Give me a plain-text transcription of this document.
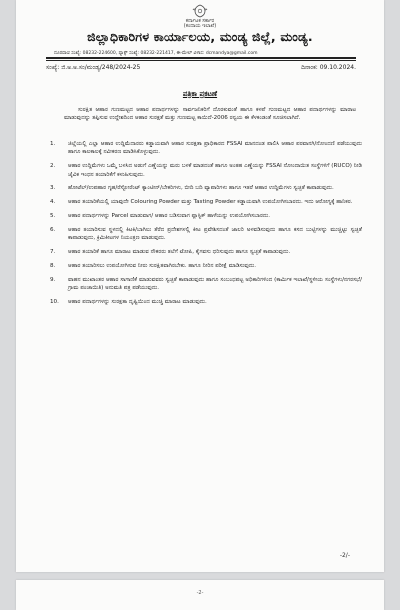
ಕರ್ನಾಟಕ ಸರ್ಕಾರ
(ಕಂದಾಯ ಇಲಾಖೆ)
ಜಿಲ್ಲಾಧಿಕಾರಿಗಳ ಕಾರ್ಯಾಲಯ, ಮಂಡ್ಯ ಜಿಲ್ಲೆ, ಮಂಡ್ಯ.
ದೂರವಾಣಿ ಸಂಖ್ಯೆ: 08232-224600, ಫ್ಯಾಕ್ಸ್ ಸಂಖ್ಯೆ: 08232-221417, ಈ-ಮೇಲ್ ವಿಳಾಸ: dcmandya@gmail.com
ಸಂಖ್ಯೆ: ಜಿ.ಅ.ಅ.ಸಂ/ಮಂಡ್ಯ/248/2024-25	ದಿನಾಂಕ: 09.10.2024.
ಪತ್ರಿಕಾ ಪ್ರಕಟಣೆ
ಸುರಕ್ಷಿತ ಆಹಾರ ಗುಣಮಟ್ಟದ ಆಹಾರ ಪದಾರ್ಥಗಳನ್ನು ಸಾರ್ವಜನಿಕರಿಗೆ ದೊರಕುವಂತೆ ಹಾಗೂ ಕಳಪೆ ಗುಣಮಟ್ಟದ ಆಹಾರ ಪದಾರ್ಥಗಳನ್ನು ಮಾರಾಟ ಮಾಡುವುದನ್ನು ತಪ್ಪಿಸುವ ಉದ್ದೇಶದಿಂದ ಆಹಾರ ಸುರಕ್ಷತೆ ಮತ್ತು ಗುಣಮಟ್ಟ ಕಾಯಿದೆ-2006 ರನ್ವಯ ಈ ಕೆಳಕಂಡಂತೆ ಸೂಚಿಸಲಾಗಿದೆ.
1. ಜಿಲ್ಲೆಯಲ್ಲಿ ಎಲ್ಲಾ ಆಹಾರ ಉದ್ದಿಮೆದಾರರು ಕಡ್ಡಾಯವಾಗಿ ಆಹಾರ ಸುರಕ್ಷತಾ ಪ್ರಾಧಿಕಾರದ FSSAI ಮಾನದಂಡ ಪಾಲಿಸಿ ಆಹಾರ ಪರವಾನಗಿ/ನೋಂದಣಿ ಪಡೆಯುವುದು ಹಾಗೂ ಕಾಲಕಾಲಕ್ಕೆ ನವೀಕರಣ ಮಾಡಿಸಿಕೊಳ್ಳುವುದು.
2. ಆಹಾರ ಉದ್ದಿಮೆಗಳು ಒಮ್ಮೆ ಬಳಸಿದ ಅಡುಗೆ ಎಣ್ಣೆಯನ್ನು ಮರು ಬಳಕೆ ಮಾಡದಂತೆ ಹಾಗೂ ಅಂತಹ ಎಣ್ಣೆಯನ್ನು FSSAI ನೋಂದಾಯಿತ ಸಂಸ್ಥೆಗಳಿಗೆ (RUCO) ನೀಡಿ ಜೈವಿಕ ಇಂಧನ ತಯಾರಿಕೆಗೆ ಕಳುಹಿಸುವುದು.
3. ಹೋಟೆಲ್/ಉಪಹಾರ ಗೃಹ/ರೆಸ್ಟೋರೆಂಟ್ ಕ್ಯಾಂಟೀನ್/ಬೇಕರಿಗಳು, ಬೀದಿ ಬದಿ ವ್ಯಾಪಾರಿಗಳು ಹಾಗೂ ಇತರೆ ಆಹಾರ ಉದ್ದಿಮೆಗಳು ಸ್ವಚ್ಛತೆ ಕಾಪಾಡುವುದು.
4. ಆಹಾರ ತಯಾರಿಕೆಯಲ್ಲಿ ಯಾವುದೇ Colouring Powder ಮತ್ತು Tasting Powder ಕಡ್ಡಾಯವಾಗಿ ಉಪಯೋಗಿಸಬಾರದು. ಇದು ಆರೋಗ್ಯಕ್ಕೆ ಹಾನಿಕರ.
5. ಆಹಾರ ಪದಾರ್ಥಗಳನ್ನು Parcel ಮಾಡುವಾಗ/ ಆಹಾರ ಬಡಿಸುವಾಗ ಪ್ಲಾಸ್ಟಿಕ್ ಹಾಳೆಯನ್ನು ಉಪಯೋಗಿಸಬಾರದು.
6. ಆಹಾರ ತಯಾರಿಸುವ ಸ್ಥಳದಲ್ಲಿ ಕಿಟಕಿ/ಬಾಗಿಲು ತೆರೆದ ಪ್ರದೇಶಗಳಲ್ಲಿ ಕೀಟ ಪ್ರವೇಶಿಸದಂತೆ ಜಾಲರಿ ಅಳವಡಿಸುವುದು ಹಾಗೂ ಕಸದ ಬುಟ್ಟಿಗಳನ್ನು ಮುಚ್ಚಿಟ್ಟು ಸ್ವಚ್ಛತೆ ಕಾಪಾಡುವುದು, ಕ್ರಿಮಿಕೀಟಗಳ ನಿಯಂತ್ರಣ ಮಾಡುವುದು.
7. ಆಹಾರ ತಯಾರಿಕೆ ಹಾಗೂ ಮಾರಾಟ ಮಾಡುವ ನೌಕರರು ತಲೆಗೆ ಟೋಪಿ, ಕೈಗವಸು ಧರಿಸುವುದು ಹಾಗೂ ಸ್ವಚ್ಛತೆ ಕಾಪಾಡುವುದು.
8. ಆಹಾರ ತಯಾರಿಸಲು ಉಪಯೋಗಿಸುವ ನೀರು ಸುರಕ್ಷಿತವಾಗಿರಬೇಕು. ಹಾಗೂ ನೀರಿನ ಪರೀಕ್ಷೆ ಮಾಡಿಸುವುದು.
9. ವಾಹನ ಮುಖಾಂತರ ಆಹಾರ ಸಾಗಾಣಿಕೆ ಮಾಡುವವರು ಸ್ವಚ್ಛತೆ ಕಾಪಾಡುವುದು ಹಾಗೂ ಸಂಬಂಧಪಟ್ಟ ಅಧಿಕಾರಿಗಳಿಂದ (ಕಾರ್ಮಿಕ ಇಲಾಖೆ/ಸ್ಥಳೀಯ ಸಂಸ್ಥೆಗಳು/ನಗರಸಭೆ/ಗ್ರಾಮ ಪಂಚಾಯಿತಿ) ಅನುಮತಿ ಪತ್ರ ಪಡೆಯುವುದು.
10. ಆಹಾರ ಪದಾರ್ಥಗಳನ್ನು ಸುರಕ್ಷತಾ ದೃಷ್ಟಿಯಿಂದ ಮುಚ್ಚಿ ಮಾರಾಟ ಮಾಡುವುದು.
-2/-
-2-
